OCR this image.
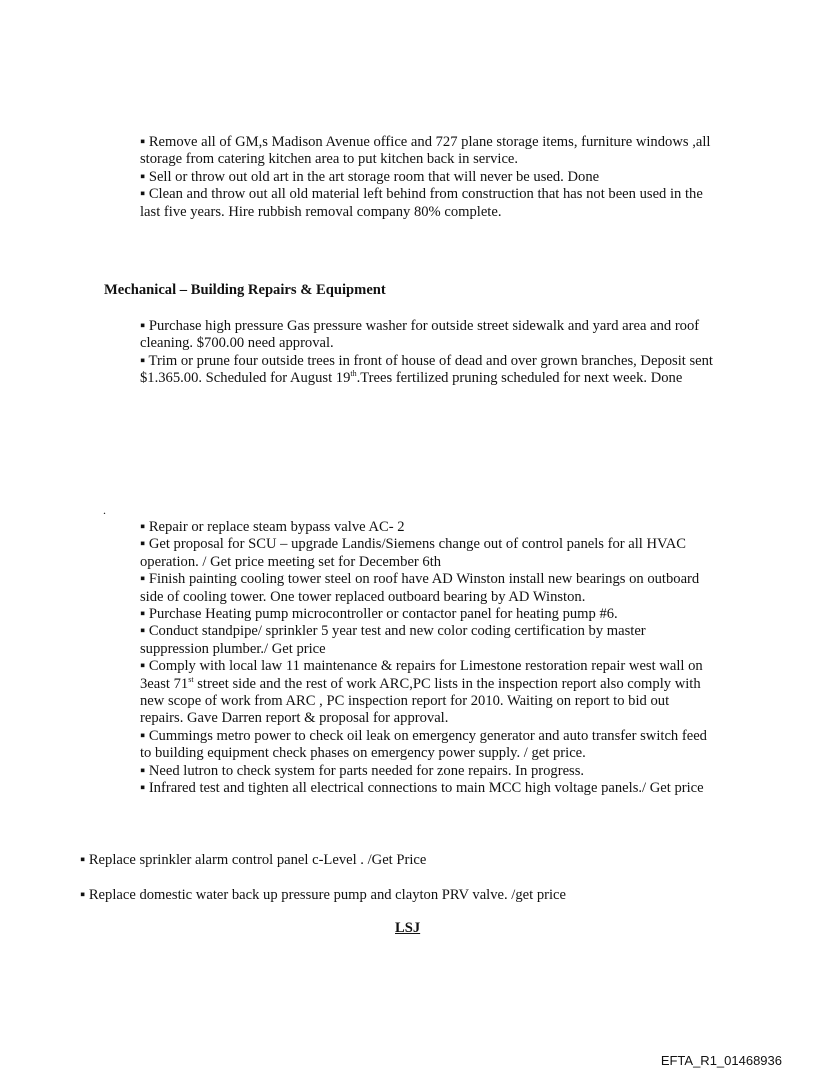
▪ Remove all of GM,s Madison Avenue office and 727 plane storage items, furniture windows ,all storage from catering kitchen area to put kitchen back in service.

▪ Sell or throw out old art in the art storage room that will never be used. Done

▪ Clean and throw out all old material left behind from construction that has not been used in the last five years. Hire rubbish removal company 80% complete.

Mechanical – Building Repairs & Equipment

▪ Purchase high pressure Gas pressure washer for outside street sidewalk and yard area and roof cleaning. $700.00 need approval.

▪ Trim or prune four outside trees in front of house of dead and over grown branches, Deposit sent $1.365.00. Scheduled for August 19th.Trees fertilized pruning scheduled for next week. Done

.

▪ Repair or replace steam bypass valve AC- 2

▪ Get proposal for SCU – upgrade Landis/Siemens change out of control panels for all HVAC operation. / Get price meeting set for December 6th

▪ Finish painting cooling tower steel on roof have AD Winston install new bearings on outboard side of cooling tower. One tower replaced outboard bearing by AD Winston.

▪ Purchase Heating pump microcontroller or contactor panel for heating pump #6.

▪ Conduct standpipe/ sprinkler 5 year test and new color coding certification by master suppression plumber./ Get price

▪ Comply with local law 11 maintenance & repairs for Limestone restoration repair west wall on 3east 71st street side and the rest of work ARC,PC lists in the inspection report also comply with new scope of work from ARC , PC inspection report for 2010. Waiting on report to bid out repairs. Gave Darren report & proposal for approval.

▪ Cummings metro power to check oil leak on emergency generator and auto transfer switch feed to building equipment check phases on emergency power supply. / get price.

▪ Need lutron to check system for parts needed for zone repairs. In progress.

▪ Infrared test and tighten all electrical connections to main MCC high voltage panels./ Get price

▪ Replace sprinkler alarm control panel c-Level . /Get Price
▪ Replace domestic water back up pressure pump and clayton PRV valve. /get price
LSJ
EFTA_R1_01468936
